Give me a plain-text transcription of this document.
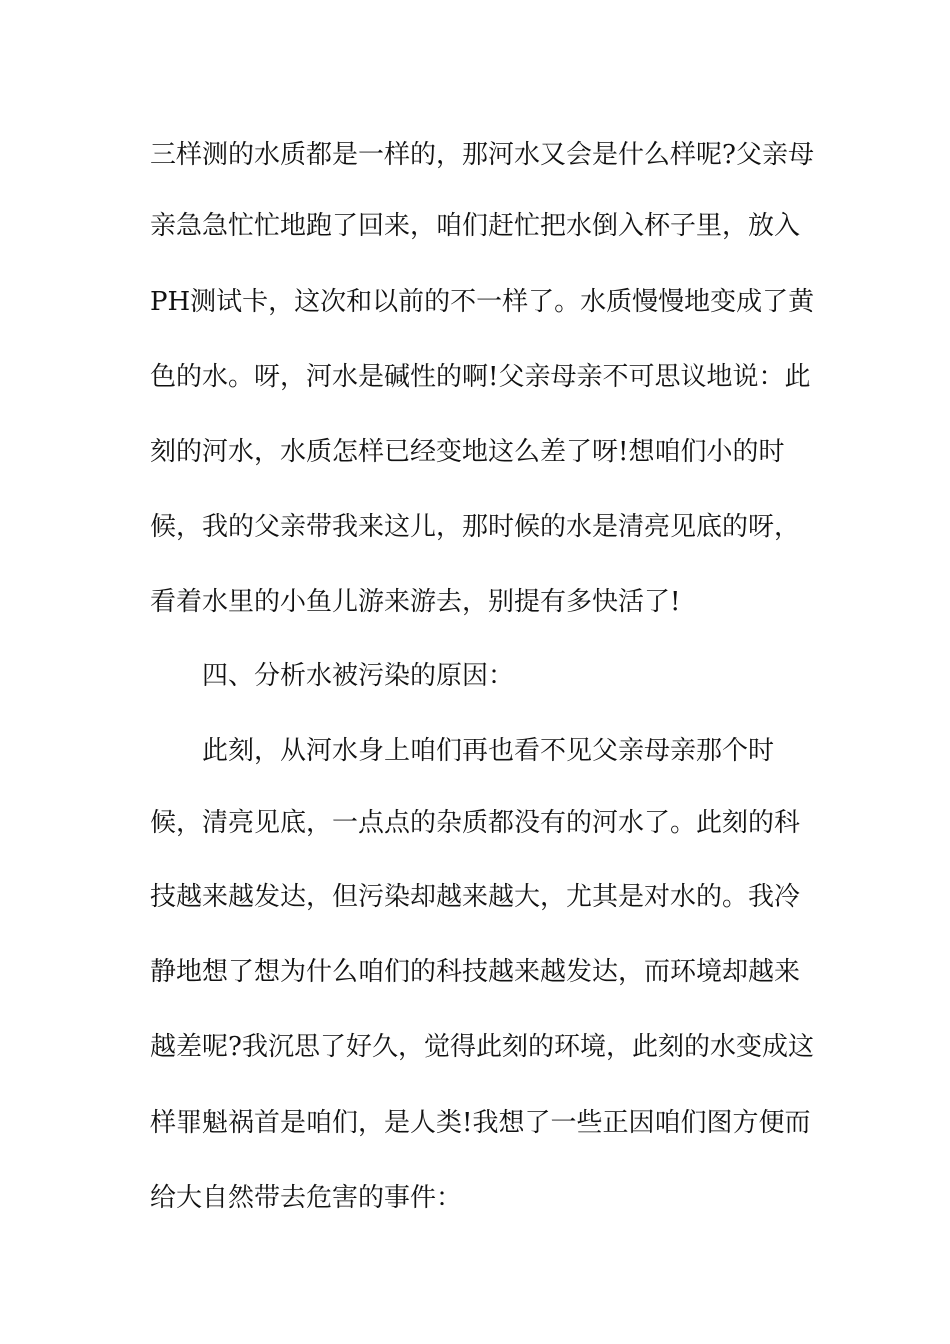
三样测的水质都是一样的，那河水又会是什么样呢?父亲母
亲急急忙忙地跑了回来，咱们赶忙把水倒入杯子里，放入
PH测试卡，这次和以前的不一样了。水质慢慢地变成了黄
色的水。呀，河水是碱性的啊!父亲母亲不可思议地说：此
刻的河水，水质怎样已经变地这么差了呀!想咱们小的时
候，我的父亲带我来这儿，那时候的水是清亮见底的呀，
看着水里的小鱼儿游来游去，别提有多快活了!
四、分析水被污染的原因：
此刻，从河水身上咱们再也看不见父亲母亲那个时
候，清亮见底，一点点的杂质都没有的河水了。此刻的科
技越来越发达，但污染却越来越大，尤其是对水的。我冷
静地想了想为什么咱们的科技越来越发达，而环境却越来
越差呢?我沉思了好久，觉得此刻的环境，此刻的水变成这
样罪魁祸首是咱们，是人类!我想了一些正因咱们图方便而
给大自然带去危害的事件：
